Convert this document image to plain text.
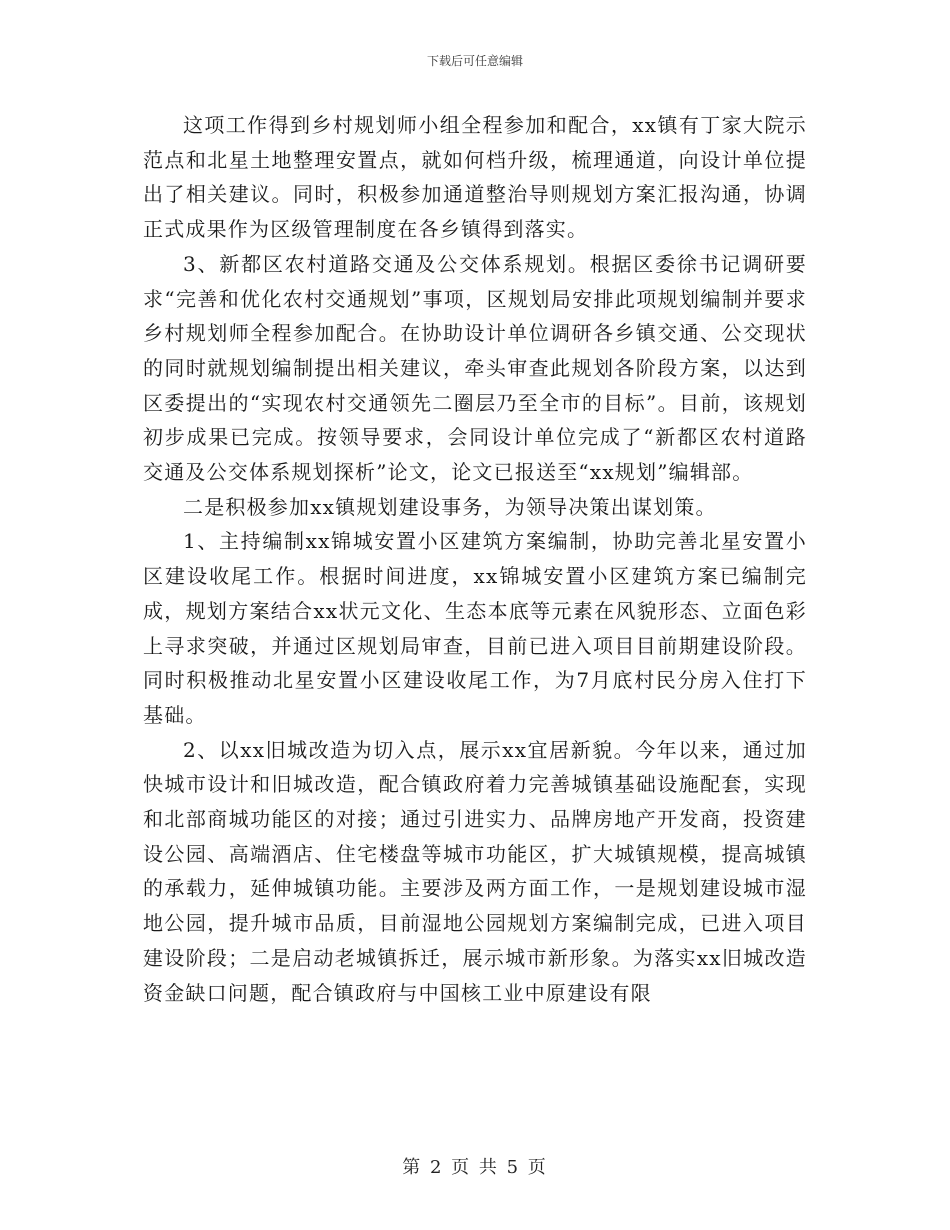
下载后可任意编辑

这项工作得到乡村规划师小组全程参加和配合，xx镇有丁家大院示范点和北星土地整理安置点，就如何档升级，梳理通道，向设计单位提出了相关建议。同时，积极参加通道整治导则规划方案汇报沟通，协调正式成果作为区级管理制度在各乡镇得到落实。

3、新都区农村道路交通及公交体系规划。根据区委徐书记调研要求“完善和优化农村交通规划”事项，区规划局安排此项规划编制并要求乡村规划师全程参加配合。在协助设计单位调研各乡镇交通、公交现状的同时就规划编制提出相关建议，牵头审查此规划各阶段方案，以达到区委提出的“实现农村交通领先二圈层乃至全市的目标”。目前，该规划初步成果已完成。按领导要求，会同设计单位完成了“新都区农村道路交通及公交体系规划探析”论文，论文已报送至“xx规划”编辑部。

二是积极参加xx镇规划建设事务，为领导决策出谋划策。

1、主持编制xx锦城安置小区建筑方案编制，协助完善北星安置小区建设收尾工作。根据时间进度，xx锦城安置小区建筑方案已编制完成，规划方案结合xx状元文化、生态本底等元素在风貌形态、立面色彩上寻求突破，并通过区规划局审查，目前已进入项目目前期建设阶段。同时积极推动北星安置小区建设收尾工作，为7月底村民分房入住打下基础。

2、以xx旧城改造为切入点，展示xx宜居新貌。今年以来，通过加快城市设计和旧城改造，配合镇政府着力完善城镇基础设施配套，实现和北部商城功能区的对接；通过引进实力、品牌房地产开发商，投资建设公园、高端酒店、住宅楼盘等城市功能区，扩大城镇规模，提高城镇的承载力，延伸城镇功能。主要涉及两方面工作，一是规划建设城市湿地公园，提升城市品质，目前湿地公园规划方案编制完成，已进入项目建设阶段；二是启动老城镇拆迁，展示城市新形象。为落实xx旧城改造资金缺口问题，配合镇政府与中国核工业中原建设有限

第 2 页 共 5 页
